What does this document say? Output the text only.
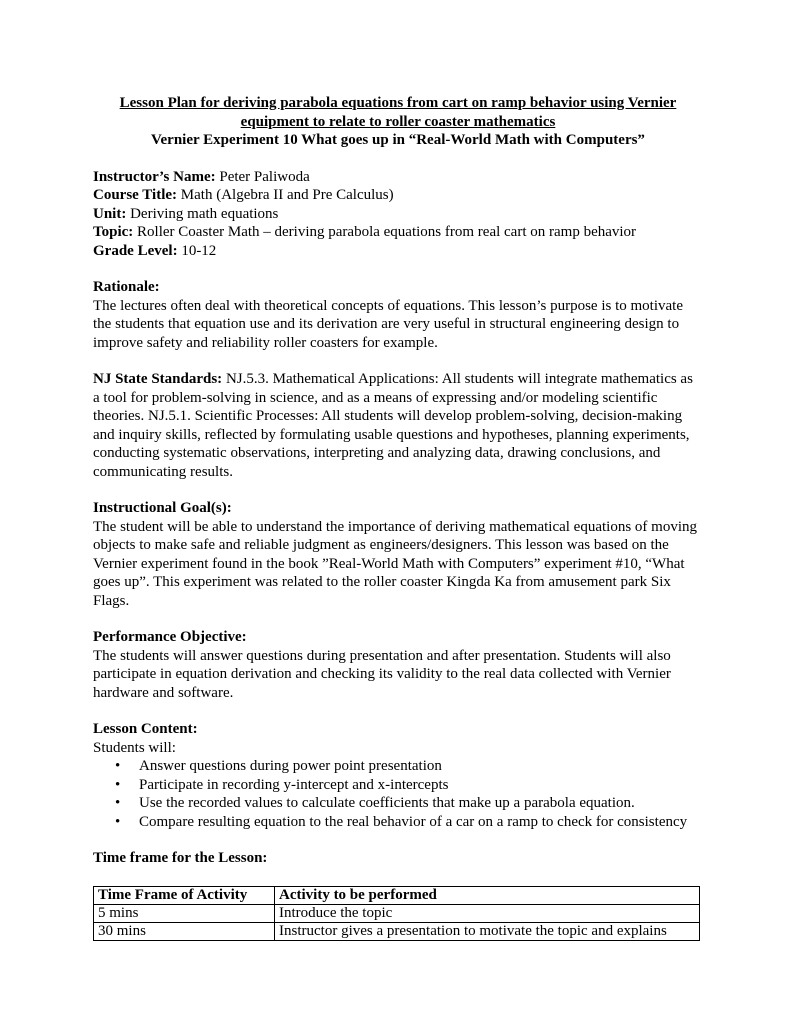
Lesson Plan for deriving parabola equations from cart on ramp behavior using Vernier
equipment to relate to roller coaster mathematics
Vernier Experiment 10 What goes up in “Real-World Math with Computers”

Instructor’s Name: Peter Paliwoda

Course Title: Math (Algebra II and Pre Calculus)

Unit: Deriving math equations

Topic: Roller Coaster Math – deriving parabola equations from real cart on ramp behavior

Grade Level: 10-12

Rationale:

The lectures often deal with theoretical concepts of equations. This lesson’s purpose is to motivate the students that equation use and its derivation are very useful in structural engineering design to improve safety and reliability roller coasters for example.

NJ State Standards: NJ.5.3. Mathematical Applications: All students will integrate mathematics as a tool for problem-solving in science, and as a means of expressing and/or modeling scientific theories. NJ.5.1. Scientific Processes: All students will develop problem-solving, decision-making and inquiry skills, reflected by formulating usable questions and hypotheses, planning experiments, conducting systematic observations, interpreting and analyzing data, drawing conclusions, and communicating results.

Instructional Goal(s):

The student will be able to understand the importance of deriving mathematical equations of moving objects to make safe and reliable judgment as engineers/designers. This lesson was based on the Vernier experiment found in the book ”Real-World Math with Computers” experiment #10, “What goes up”. This experiment was related to the roller coaster Kingda Ka from amusement park Six Flags.

Performance Objective:

The students will answer questions during presentation and after presentation. Students will also participate in equation derivation and checking its validity to the real data collected with Vernier hardware and software.

Lesson Content:

Students will:

• Answer questions during power point presentation
• Participate in recording y-intercept and x-intercepts
• Use the recorded values to calculate coefficients that make up a parabola equation.
• Compare resulting equation to the real behavior of a car on a ramp to check for consistency

Time frame for the Lesson:

Time Frame of Activity	Activity to be performed
5 mins	Introduce the topic
30 mins	Instructor gives a presentation to motivate the topic and explains
